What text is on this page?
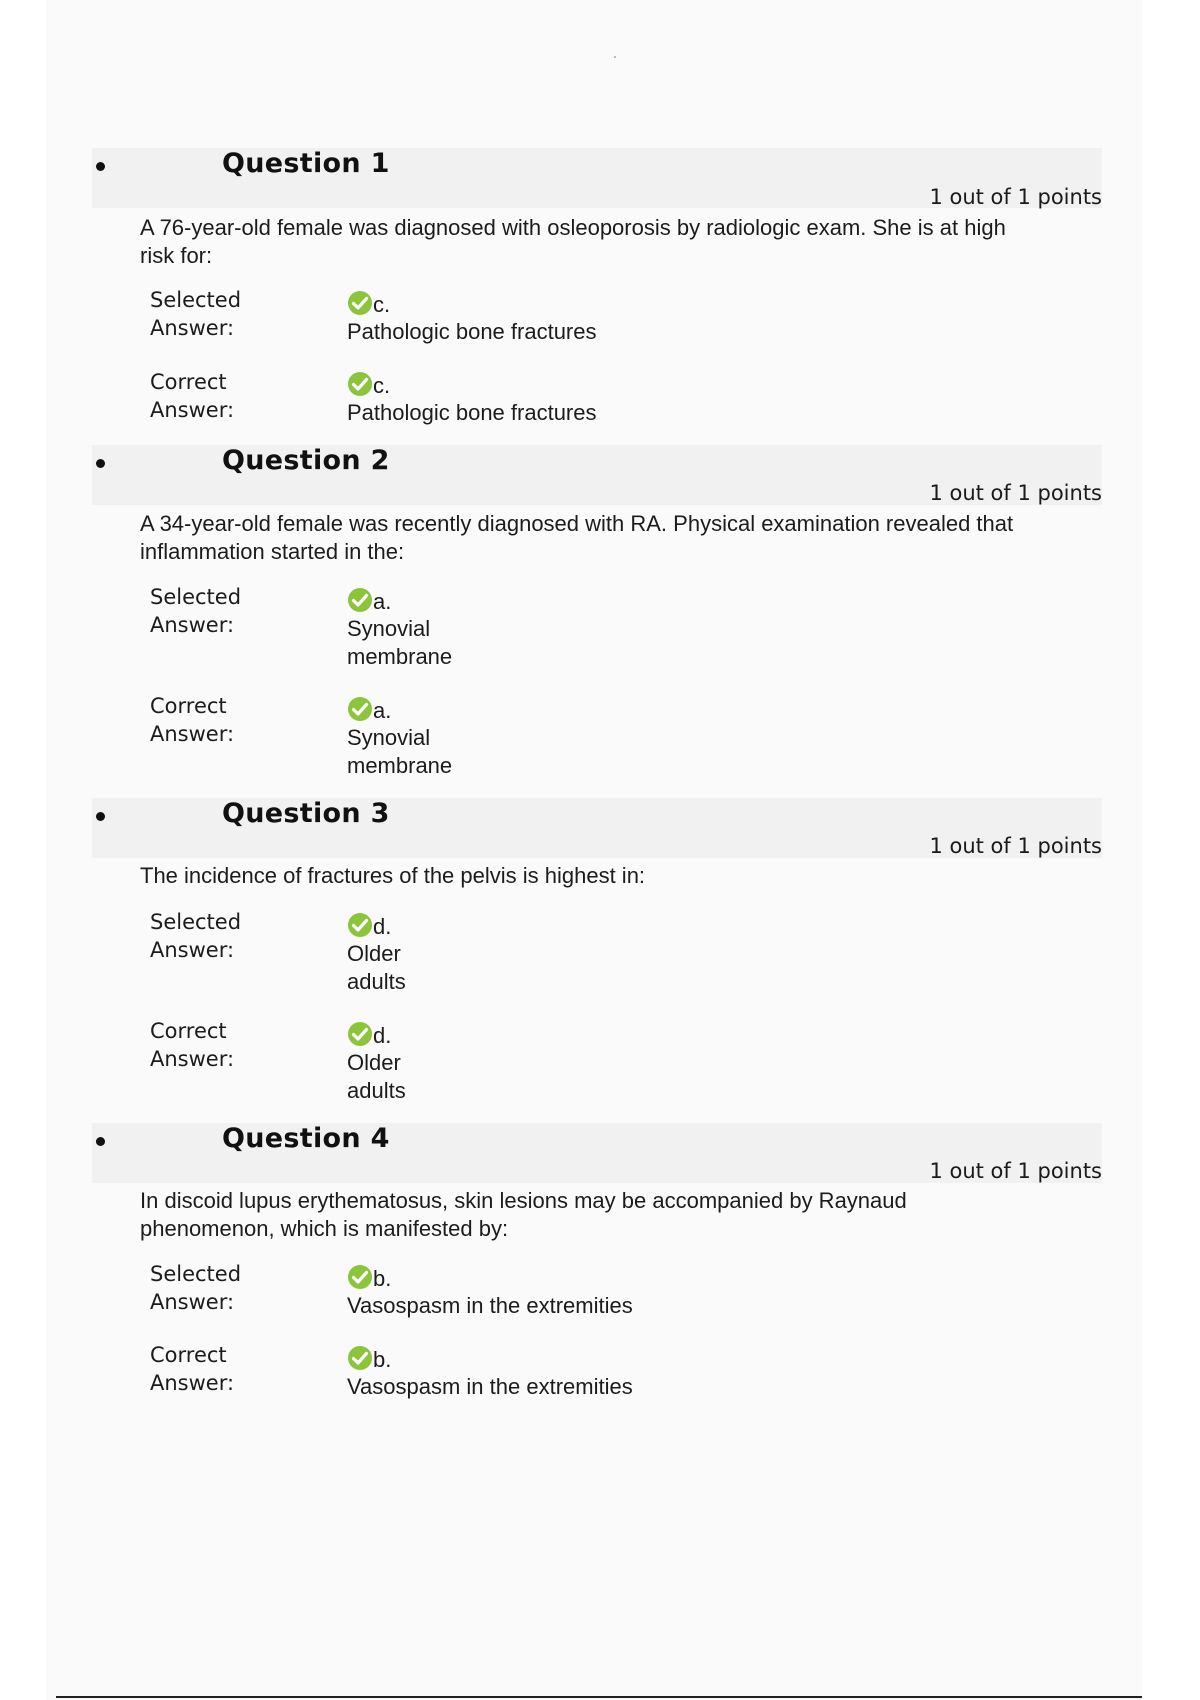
Question 1
1 out of 1 points
A 76-year-old female was diagnosed with osleoporosis by radiologic exam. She is at high risk for:
Selected Answer:
c.
Pathologic bone fractures
Correct Answer:
c.
Pathologic bone fractures
Question 2
1 out of 1 points
A 34-year-old female was recently diagnosed with RA. Physical examination revealed that inflammation started in the:
Selected Answer:
a.
Synovial membrane
Correct Answer:
a.
Synovial membrane
Question 3
1 out of 1 points
The incidence of fractures of the pelvis is highest in:
Selected Answer:
d.
Older adults
Correct Answer:
d.
Older adults
Question 4
1 out of 1 points
In discoid lupus erythematosus, skin lesions may be accompanied by Raynaud phenomenon, which is manifested by:
Selected Answer:
b.
Vasospasm in the extremities
Correct Answer:
b.
Vasospasm in the extremities
